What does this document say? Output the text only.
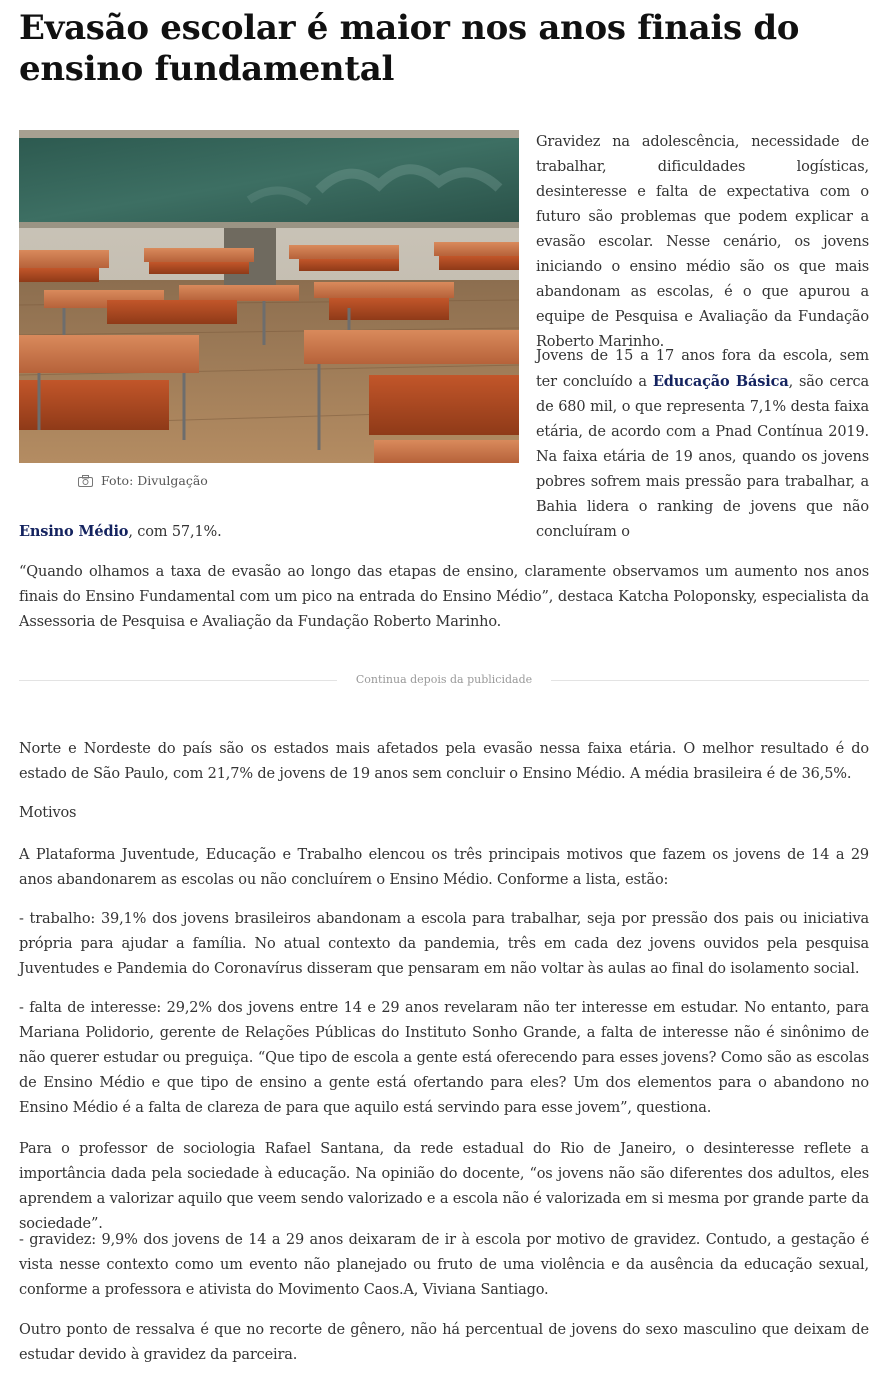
Evasão escolar é maior nos anos finais do ensino fundamental
Foto: Divulgação

Gravidez na adolescência, necessidade de trabalhar, dificuldades logísticas, desinteresse e falta de expectativa com o futuro são problemas que podem explicar a evasão escolar. Nesse cenário, os jovens iniciando o ensino médio são os que mais abandonam as escolas, é o que apurou a equipe de Pesquisa e Avaliação da Fundação Roberto Marinho.

Jovens de 15 a 17 anos fora da escola, sem ter concluído a Educação Básica, são cerca de 680 mil, o que representa 7,1% desta faixa etária, de acordo com a Pnad Contínua 2019. Na faixa etária de 19 anos, quando os jovens pobres sofrem mais pressão para trabalhar, a Bahia lidera o ranking de jovens que não concluíram o

Ensino Médio, com 57,1%.

“Quando olhamos a taxa de evasão ao longo das etapas de ensino, claramente observamos um aumento nos anos finais do Ensino Fundamental com um pico na entrada do Ensino Médio”, destaca Katcha Poloponsky, especialista da Assessoria de Pesquisa e Avaliação da Fundação Roberto Marinho.

Continua depois da publicidade

Norte e Nordeste do país são os estados mais afetados pela evasão nessa faixa etária. O melhor resultado é do estado de São Paulo, com 21,7% de jovens de 19 anos sem concluir o Ensino Médio. A média brasileira é de 36,5%.

Motivos

A Plataforma Juventude, Educação e Trabalho elencou os três principais motivos que fazem os jovens de 14 a 29 anos abandonarem as escolas ou não concluírem o Ensino Médio. Conforme a lista, estão:

- trabalho: 39,1% dos jovens brasileiros abandonam a escola para trabalhar, seja por pressão dos pais ou iniciativa própria para ajudar a família. No atual contexto da pandemia, três em cada dez jovens ouvidos pela pesquisa Juventudes e Pandemia do Coronavírus disseram que pensaram em não voltar às aulas ao final do isolamento social.

- falta de interesse: 29,2% dos jovens entre 14 e 29 anos revelaram não ter interesse em estudar. No entanto, para Mariana Polidorio, gerente de Relações Públicas do Instituto Sonho Grande, a falta de interesse não é sinônimo de não querer estudar ou preguiça. “Que tipo de escola a gente está oferecendo para esses jovens? Como são as escolas de Ensino Médio e que tipo de ensino a gente está ofertando para eles? Um dos elementos para o abandono no Ensino Médio é a falta de clareza de para que aquilo está servindo para esse jovem”, questiona.

Para o professor de sociologia Rafael Santana, da rede estadual do Rio de Janeiro, o desinteresse reflete a importância dada pela sociedade à educação. Na opinião do docente, “os jovens não são diferentes dos adultos, eles aprendem a valorizar aquilo que veem sendo valorizado e a escola não é valorizada em si mesma por grande parte da sociedade”.

- gravidez: 9,9% dos jovens de 14 a 29 anos deixaram de ir à escola por motivo de gravidez. Contudo, a gestação é vista nesse contexto como um evento não planejado ou fruto de uma violência e da ausência da educação sexual, conforme a professora e ativista do Movimento Caos.A, Viviana Santiago.

Outro ponto de ressalva é que no recorte de gênero, não há percentual de jovens do sexo masculino que deixam de estudar devido à gravidez da parceira.
